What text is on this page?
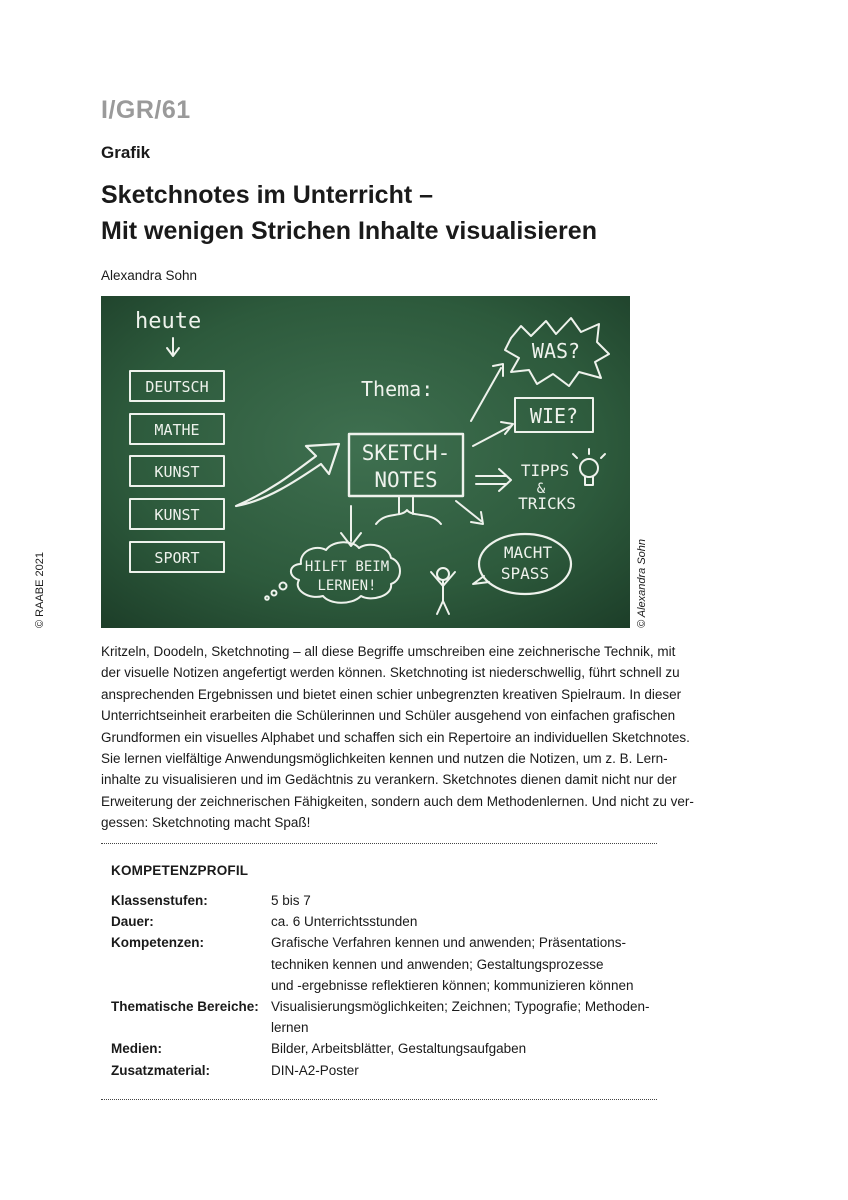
I/GR/61
Grafik
Sketchnotes im Unterricht –
Mit wenigen Strichen Inhalte visualisieren
Alexandra Sohn
© RAABE 2021	© Alexandra Sohn
heute
DEUTSCH
MATHE
KUNST
KUNST
SPORT
Thema:
SKETCH-
NOTES
WAS?
WIE?
TIPPS
&
TRICKS
MACHT
SPASS
HILFT BEIM
LERNEN!
Kritzeln, Doodeln, Sketchnoting – all diese Begriffe umschreiben eine zeichnerische Technik, mit
der visuelle Notizen angefertigt werden können. Sketchnoting ist niederschwellig, führt schnell zu
ansprechenden Ergebnissen und bietet einen schier unbegrenzten kreativen Spielraum. In dieser
Unterrichtseinheit erarbeiten die Schülerinnen und Schüler ausgehend von einfachen grafischen
Grundformen ein visuelles Alphabet und schaffen sich ein Repertoire an individuellen Sketchnotes.
Sie lernen vielfältige Anwendungsmöglichkeiten kennen und nutzen die Notizen, um z. B. Lern-
inhalte zu visualisieren und im Gedächtnis zu verankern. Sketchnotes dienen damit nicht nur der
Erweiterung der zeichnerischen Fähigkeiten, sondern auch dem Methodenlernen. Und nicht zu ver-
gessen: Sketchnoting macht Spaß!
KOMPETENZPROFIL
Klassenstufen:	5 bis 7
Dauer:	ca. 6 Unterrichtsstunden
Kompetenzen:	Grafische Verfahren kennen und anwenden; Präsentations-
techniken kennen und anwenden; Gestaltungsprozesse
und -ergebnisse reflektieren können; kommunizieren können
Thematische Bereiche: Visualisierungsmöglichkeiten; Zeichnen; Typografie; Methoden-
lernen
Medien:	Bilder, Arbeitsblätter, Gestaltungsaufgaben
Zusatzmaterial:	DIN-A2-Poster
